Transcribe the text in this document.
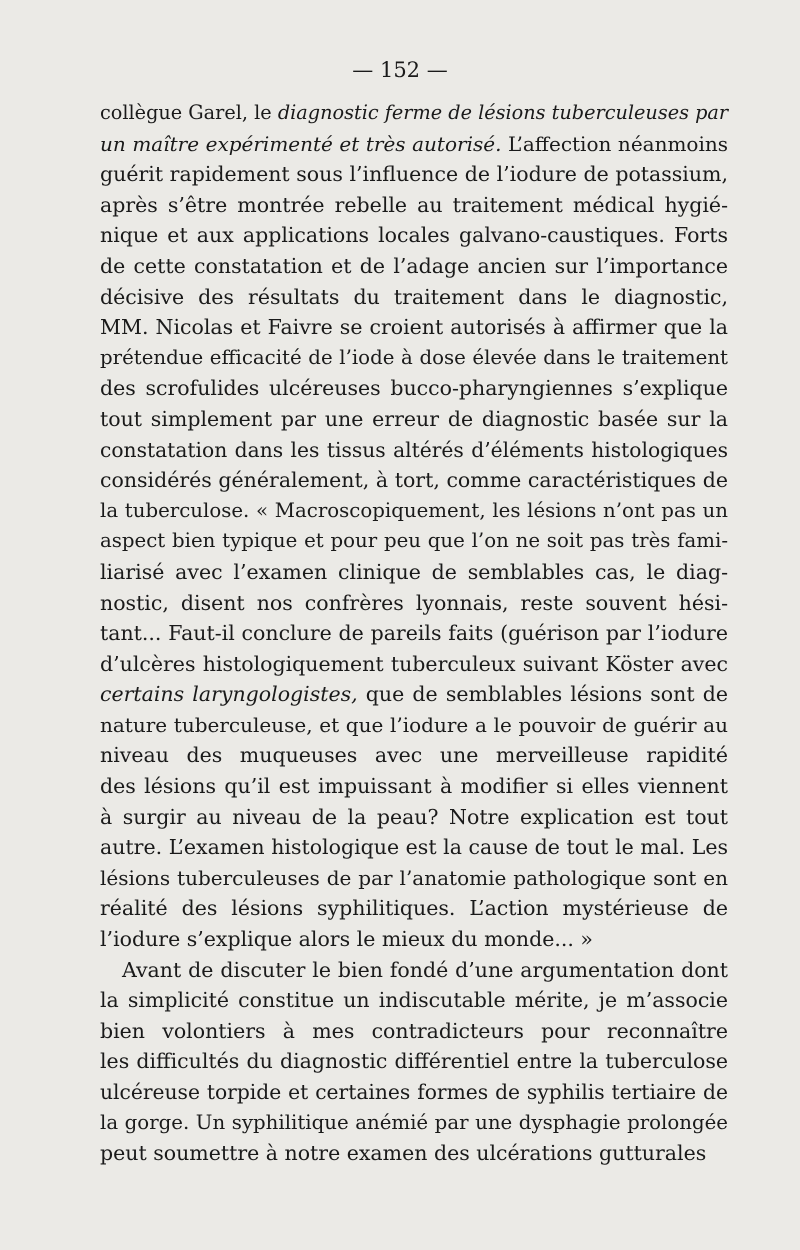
— 152 —
collègue Garel, le diagnostic ferme de lésions tuberculeuses par
un maître expérimenté et très autorisé. L’affection néanmoins
guérit rapidement sous l’influence de l’iodure de potassium,
après s’être montrée rebelle au traitement médical hygié-
nique et aux applications locales galvano-caustiques. Forts
de cette constatation et de l’adage ancien sur l’importance
décisive des résultats du traitement dans le diagnostic,
MM. Nicolas et Faivre se croient autorisés à affirmer que la
prétendue efficacité de l’iode à dose élevée dans le traitement
des scrofulides ulcéreuses bucco-pharyngiennes s’explique
tout simplement par une erreur de diagnostic basée sur la
constatation dans les tissus altérés d’éléments histologiques
considérés généralement, à tort, comme caractéristiques de
la tuberculose. « Macroscopiquement, les lésions n’ont pas un
aspect bien typique et pour peu que l’on ne soit pas très fami-
liarisé avec l’examen clinique de semblables cas, le diag-
nostic, disent nos confrères lyonnais, reste souvent hési-
tant... Faut-il conclure de pareils faits (guérison par l’iodure
d’ulcères histologiquement tuberculeux suivant Köster avec
certains laryngologistes, que de semblables lésions sont de
nature tuberculeuse, et que l’iodure a le pouvoir de guérir au
niveau des muqueuses avec une merveilleuse rapidité
des lésions qu’il est impuissant à modifier si elles viennent
à surgir au niveau de la peau? Notre explication est tout
autre. L’examen histologique est la cause de tout le mal. Les
lésions tuberculeuses de par l’anatomie pathologique sont en
réalité des lésions syphilitiques. L’action mystérieuse de
l’iodure s’explique alors le mieux du monde... »
Avant de discuter le bien fondé d’une argumentation dont
la simplicité constitue un indiscutable mérite, je m’associe
bien volontiers à mes contradicteurs pour reconnaître
les difficultés du diagnostic différentiel entre la tuberculose
ulcéreuse torpide et certaines formes de syphilis tertiaire de
la gorge. Un syphilitique anémié par une dysphagie prolongée
peut soumettre à notre examen des ulcérations gutturales
